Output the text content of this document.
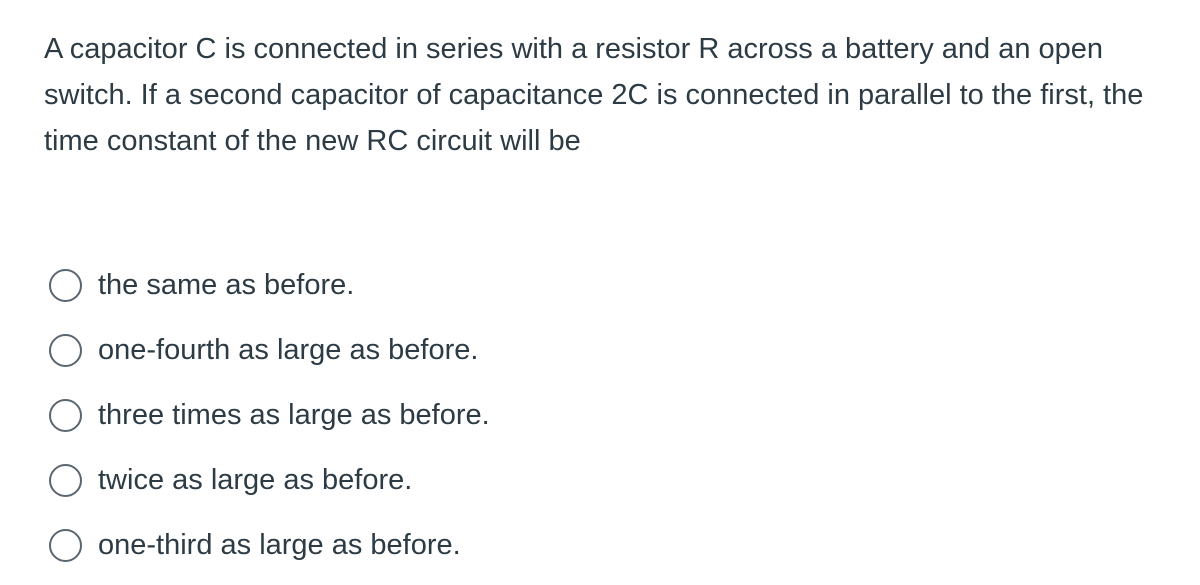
A capacitor C is connected in series with a resistor R across a battery and an open switch. If a second capacitor of capacitance 2C is connected in parallel to the first, the time constant of the new RC circuit will be

the same as before.
one-fourth as large as before.
three times as large as before.
twice as large as before.
one-third as large as before.
